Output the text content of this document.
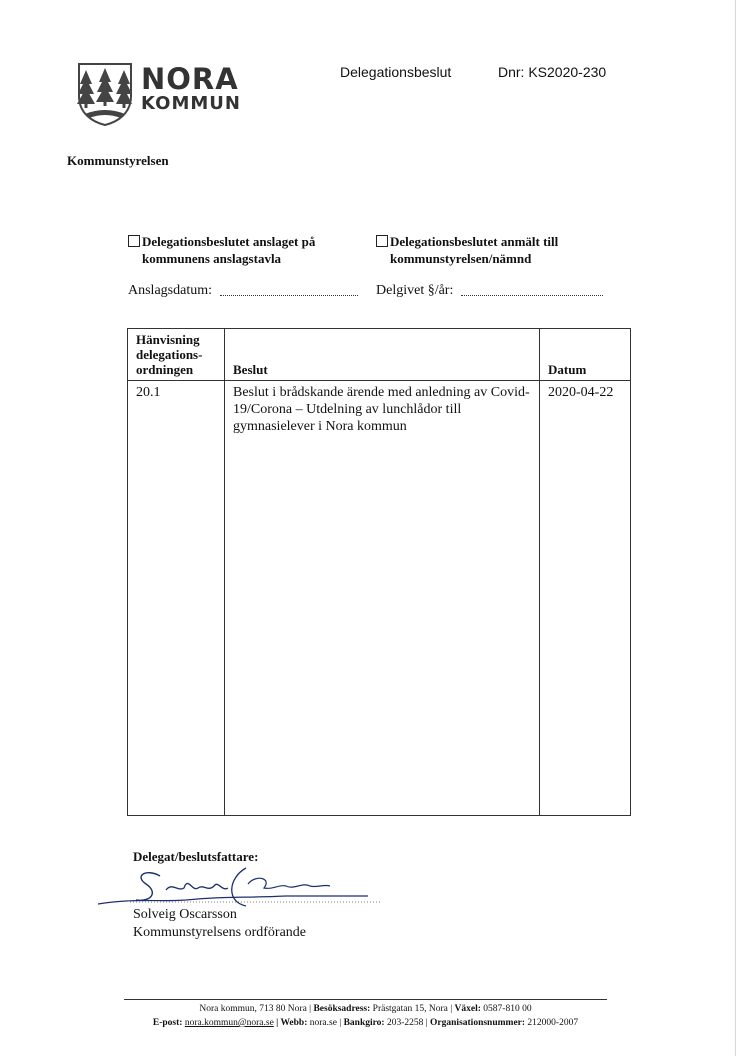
NORA
KOMMUN
Delegationsbeslut	Dnr: KS2020-230
Kommunstyrelsen
Delegationsbeslutet anslaget på
kommunens anslagstavla
Delegationsbeslutet anmält till
kommunstyrelsen/nämnd
Anslagsdatum:	Delgivet §/år:
Hänvisning
delegations-
ordningen	Beslut	Datum
20.1	Beslut i brådskande ärende med anledning av Covid-19/Corona – Utdelning av lunchlådor till gymnasielever i Nora kommun	2020-04-22
Delegat/beslutsfattare:
Solveig Oscarsson
Kommunstyrelsens ordförande
Nora kommun, 713 80 Nora | Besöksadress: Prästgatan 15, Nora | Växel: 0587-810 00
E-post: nora.kommun@nora.se | Webb: nora.se | Bankgiro: 203-2258 | Organisationsnummer: 212000-2007
